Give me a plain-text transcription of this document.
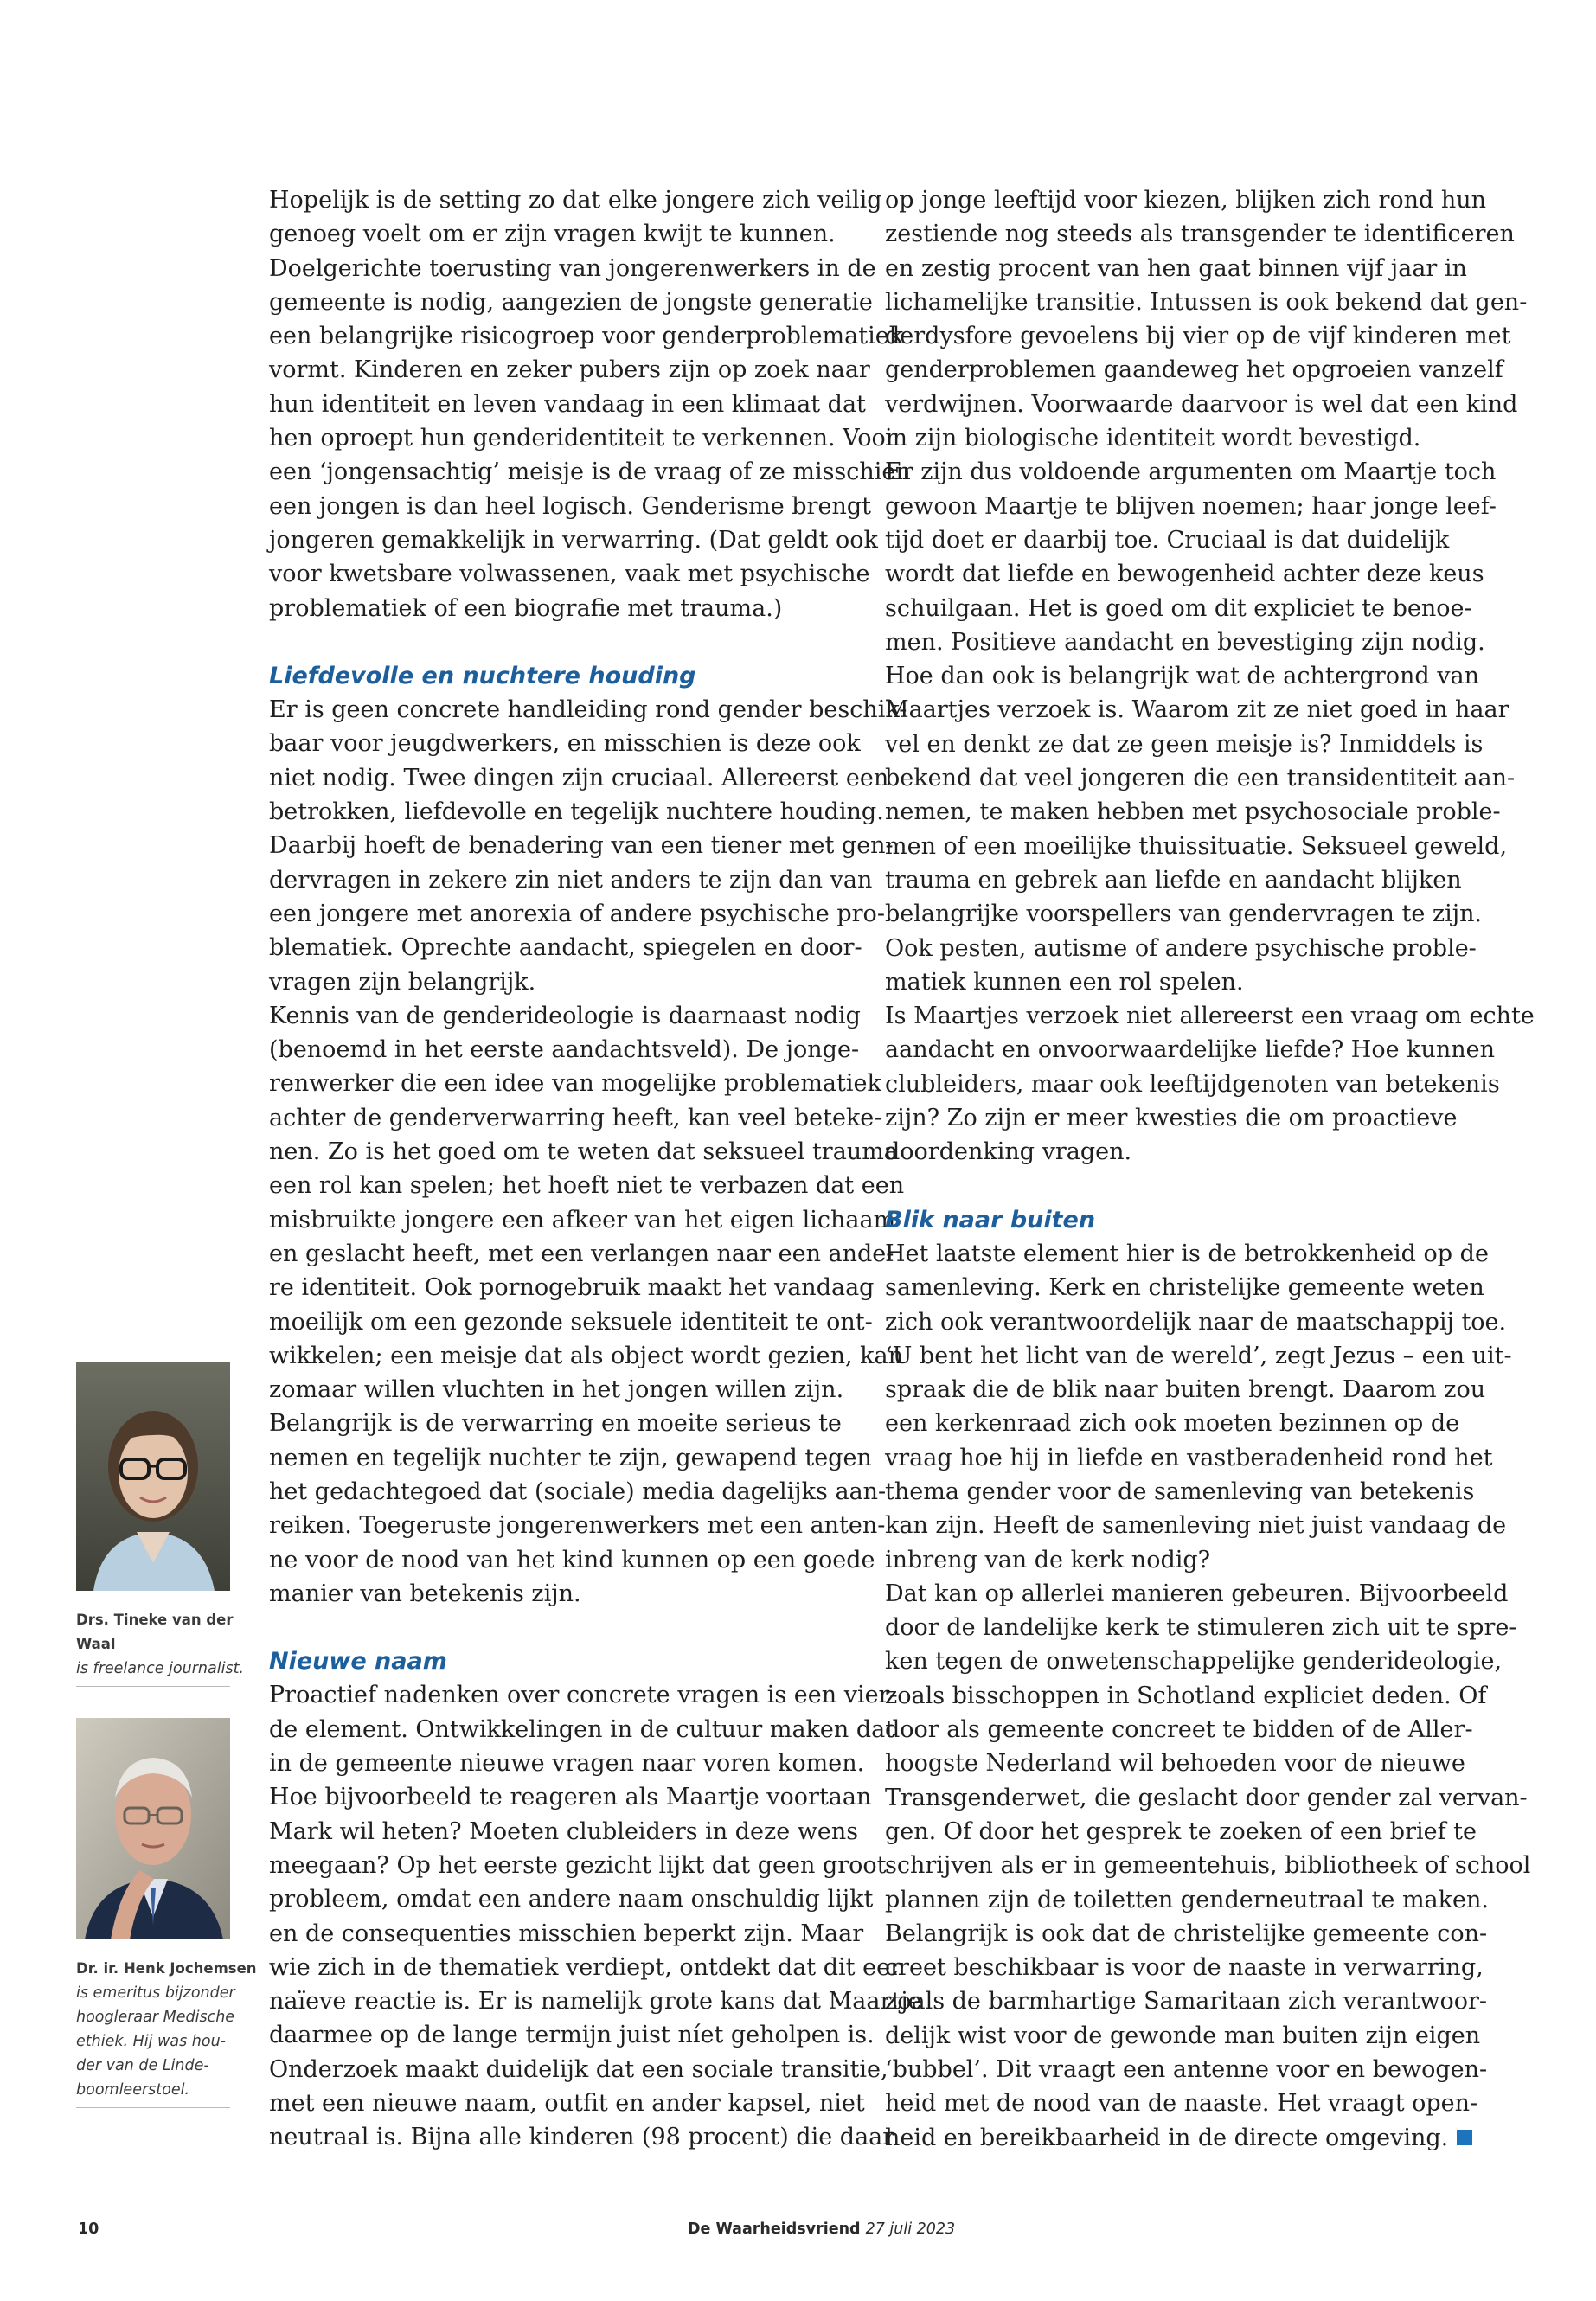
Hopelijk is de setting zo dat elke jongere zich veilig
genoeg voelt om er zijn vragen kwijt te kunnen.
Doelgerichte toerusting van jongerenwerkers in de
gemeente is nodig, aangezien de jongste generatie
een belangrijke risicogroep voor genderproblematiek
vormt. Kinderen en zeker pubers zijn op zoek naar
hun identiteit en leven vandaag in een klimaat dat
hen oproept hun genderidentiteit te verkennen. Voor
een ‘jongensachtig’ meisje is de vraag of ze misschien
een jongen is dan heel logisch. Genderisme brengt
jongeren gemakkelijk in verwarring. (Dat geldt ook
voor kwetsbare volwassenen, vaak met psychische
problematiek of een biografie met trauma.)
Liefdevolle en nuchtere houding
Er is geen concrete handleiding rond gender beschik-
baar voor jeugdwerkers, en misschien is deze ook
niet nodig. Twee dingen zijn cruciaal. Allereerst een
betrokken, liefdevolle en tegelijk nuchtere houding.
Daarbij hoeft de benadering van een tiener met gen-
dervragen in zekere zin niet anders te zijn dan van
een jongere met anorexia of andere psychische pro-
blematiek. Oprechte aandacht, spiegelen en door-
vragen zijn belangrijk.
Kennis van de genderideologie is daarnaast nodig
(benoemd in het eerste aandachtsveld). De jonge-
renwerker die een idee van mogelijke problematiek
achter de genderverwarring heeft, kan veel beteke-
nen. Zo is het goed om te weten dat seksueel trauma
een rol kan spelen; het hoeft niet te verbazen dat een
misbruikte jongere een afkeer van het eigen lichaam
en geslacht heeft, met een verlangen naar een ande-
re identiteit. Ook pornogebruik maakt het vandaag
moeilijk om een gezonde seksuele identiteit te ont-
wikkelen; een meisje dat als object wordt gezien, kan
zomaar willen vluchten in het jongen willen zijn.
Belangrijk is de verwarring en moeite serieus te
nemen en tegelijk nuchter te zijn, gewapend tegen
het gedachtegoed dat (sociale) media dagelijks aan-
reiken. Toegeruste jongerenwerkers met een anten-
ne voor de nood van het kind kunnen op een goede
manier van betekenis zijn.
Nieuwe naam
Proactief nadenken over concrete vragen is een vier-
de element. Ontwikkelingen in de cultuur maken dat
in de gemeente nieuwe vragen naar voren komen.
Hoe bijvoorbeeld te reageren als Maartje voortaan
Mark wil heten? Moeten clubleiders in deze wens
meegaan? Op het eerste gezicht lijkt dat geen groot
probleem, omdat een andere naam onschuldig lijkt
en de consequenties misschien beperkt zijn. Maar
wie zich in de thematiek verdiept, ontdekt dat dit een
naïeve reactie is. Er is namelijk grote kans dat Maartje
daarmee op de lange termijn juist níet geholpen is.
Onderzoek maakt duidelijk dat een sociale transitie,
met een nieuwe naam, outfit en ander kapsel, niet
neutraal is. Bijna alle kinderen (98 procent) die daar
op jonge leeftijd voor kiezen, blijken zich rond hun
zestiende nog steeds als transgender te identificeren
en zestig procent van hen gaat binnen vijf jaar in
lichamelijke transitie. Intussen is ook bekend dat gen-
derdysfore gevoelens bij vier op de vijf kinderen met
genderproblemen gaandeweg het opgroeien vanzelf
verdwijnen. Voorwaarde daarvoor is wel dat een kind
in zijn biologische identiteit wordt bevestigd.
Er zijn dus voldoende argumenten om Maartje toch
gewoon Maartje te blijven noemen; haar jonge leef-
tijd doet er daarbij toe. Cruciaal is dat duidelijk
wordt dat liefde en bewogenheid achter deze keus
schuilgaan. Het is goed om dit expliciet te benoe-
men. Positieve aandacht en bevestiging zijn nodig.
Hoe dan ook is belangrijk wat de achtergrond van
Maartjes verzoek is. Waarom zit ze niet goed in haar
vel en denkt ze dat ze geen meisje is? Inmiddels is
bekend dat veel jongeren die een transidentiteit aan-
nemen, te maken hebben met psychosociale proble-
men of een moeilijke thuissituatie. Seksueel geweld,
trauma en gebrek aan liefde en aandacht blijken
belangrijke voorspellers van gendervragen te zijn.
Ook pesten, autisme of andere psychische proble-
matiek kunnen een rol spelen.
Is Maartjes verzoek niet allereerst een vraag om echte
aandacht en onvoorwaardelijke liefde? Hoe kunnen
clubleiders, maar ook leeftijdgenoten van betekenis
zijn? Zo zijn er meer kwesties die om proactieve
doordenking vragen.
Blik naar buiten
Het laatste element hier is de betrokkenheid op de
samenleving. Kerk en christelijke gemeente weten
zich ook verantwoordelijk naar de maatschappij toe.
‘U bent het licht van de wereld’, zegt Jezus – een uit-
spraak die de blik naar buiten brengt. Daarom zou
een kerkenraad zich ook moeten bezinnen op de
vraag hoe hij in liefde en vastberadenheid rond het
thema gender voor de samenleving van betekenis
kan zijn. Heeft de samenleving niet juist vandaag de
inbreng van de kerk nodig?
Dat kan op allerlei manieren gebeuren. Bijvoorbeeld
door de landelijke kerk te stimuleren zich uit te spre-
ken tegen de onwetenschappelijke genderideologie,
zoals bisschoppen in Schotland expliciet deden. Of
door als gemeente concreet te bidden of de Aller-
hoogste Nederland wil behoeden voor de nieuwe
Transgenderwet, die geslacht door gender zal vervan-
gen. Of door het gesprek te zoeken of een brief te
schrijven als er in gemeentehuis, bibliotheek of school
plannen zijn de toiletten genderneutraal te maken.
Belangrijk is ook dat de christelijke gemeente con-
creet beschikbaar is voor de naaste in verwarring,
zoals de barmhartige Samaritaan zich verantwoor-
delijk wist voor de gewonde man buiten zijn eigen
‘bubbel’. Dit vraagt een antenne voor en bewogen-
heid met de nood van de naaste. Het vraagt open-
heid en bereikbaarheid in de directe omgeving.
Drs. Tineke van der
Waal
is freelance journalist.
Dr. ir. Henk Jochemsen
is emeritus bijzonder
hoogleraar Medische
ethiek. Hij was hou-
der van de Linde-
boomleerstoel.
10	De Waarheidsvriend 27 juli 2023
